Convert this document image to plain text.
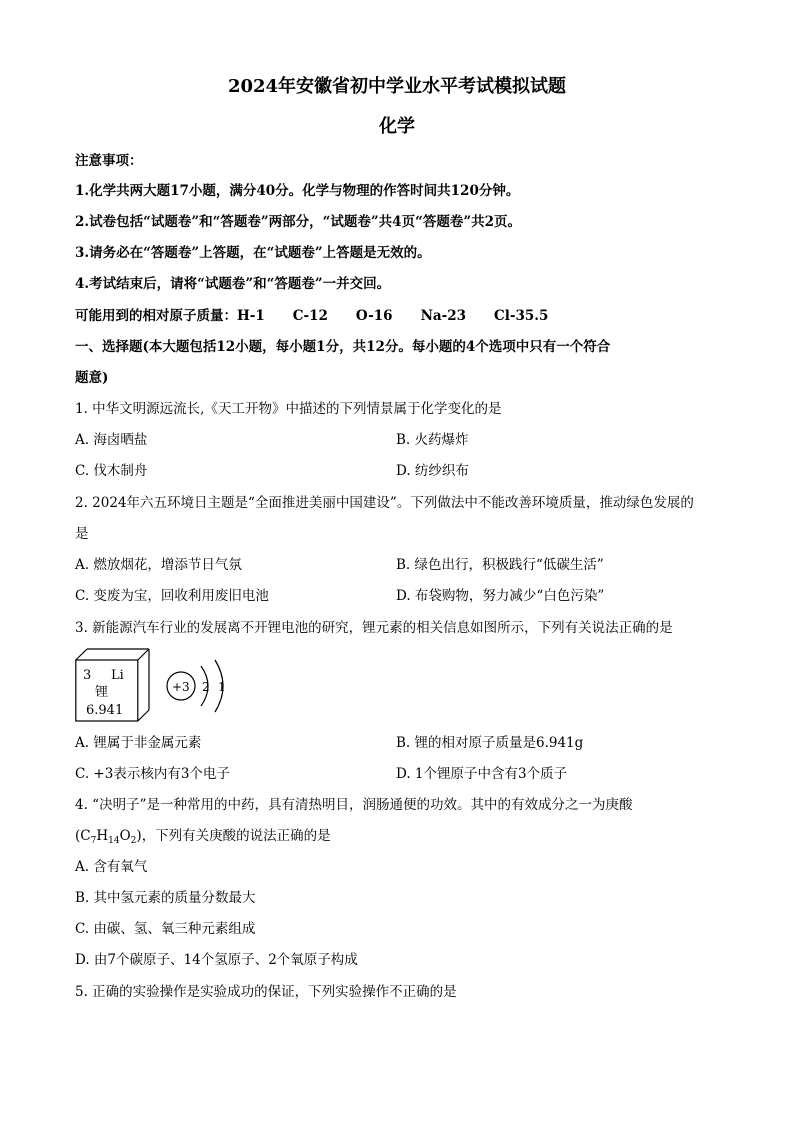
2024年安徽省初中学业水平考试模拟试题
化学
注意事项：
1.化学共两大题17小题，满分40分。化学与物理的作答时间共120分钟。
2.试卷包括“试题卷”和“答题卷”两部分，“试题卷”共4页“答题卷”共2页。
3.请务必在“答题卷”上答题，在“试题卷”上答题是无效的。
4.考试结束后，请将“试题卷”和“答题卷”一并交回。
可能用到的相对原子质量：H-1 C-12 O-16 Na-23 Cl-35.5
一、选择题(本大题包括12小题，每小题1分，共12分。每小题的4个选项中只有一个符合
题意)
1. 中华文明源远流长,《天工开物》中描述的下列情景属于化学变化的是
A. 海卤晒盐	B. 火药爆炸
C. 伐木制舟	D. 纺纱织布
2. 2024年六五环境日主题是“全面推进美丽中国建设”。下列做法中不能改善环境质量，推动绿色发展的
是
A. 燃放烟花，增添节日气氛	B. 绿色出行，积极践行“低碳生活”
C. 变废为宝，回收利用废旧电池	D. 布袋购物，努力减少“白色污染”
3. 新能源汽车行业的发展离不开锂电池的研究，锂元素的相关信息如图所示，下列有关说法正确的是
3 Li
锂
6.941
+3 2 1
A. 锂属于非金属元素	B. 锂的相对原子质量是6.941g
C. +3表示核内有3个电子	D. 1个锂原子中含有3个质子
4. “决明子”是一种常用的中药，具有清热明目，润肠通便的功效。其中的有效成分之一为庚酸
$(C_7H_{14}O_2)$，下列有关庚酸的说法正确的是
A. 含有氧气
B. 其中氢元素的质量分数最大
C. 由碳、氢、氧三种元素组成
D. 由7个碳原子、14个氢原子、2个氧原子构成
5. 正确的实验操作是实验成功的保证，下列实验操作不正确的是
